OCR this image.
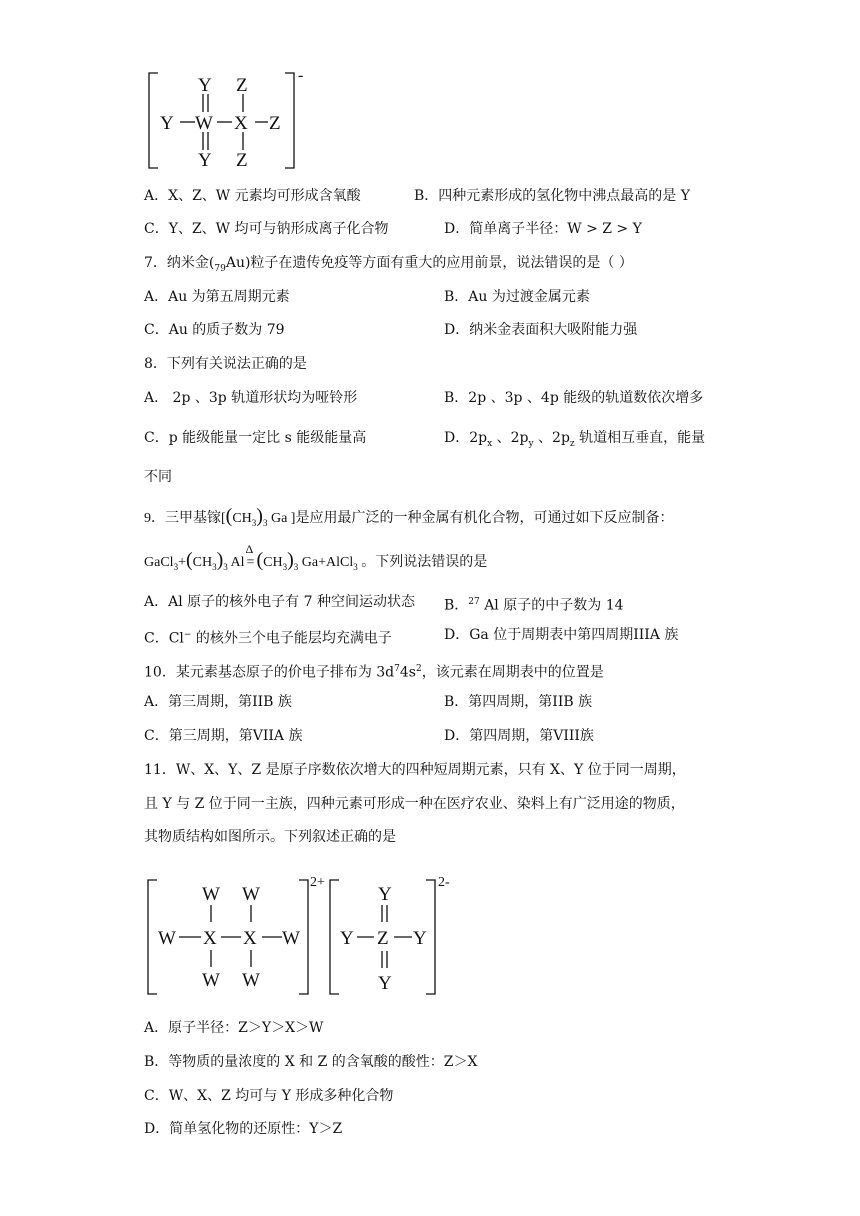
Y W X Z
Y Z
Y Z
-
A．X、Z、W 元素均可形成含氧酸	B．四种元素形成的氢化物中沸点最高的是 Y
C．Y、Z、W 均可与钠形成离子化合物	D．简单离子半径：W > Z > Y
7．纳米金$(_{79}Au)$粒子在遗传免疫等方面有重大的应用前景，说法错误的是（ ）
A．Au 为第五周期元素	B．Au 为过渡金属元素
C．Au 的质子数为 79	D．纳米金表面积大吸附能力强
8．下列有关说法正确的是
A． 2p 、3p 轨道形状均为哑铃形	B．2p 、3p 、4p 能级的轨道数依次增多
C．p 能级能量一定比 s 能级能量高	D．$2p_x$ 、$2p_y$ 、$2p_z$ 轨道相互垂直，能量
不同
9．三甲基镓[$(CH_3)_3$ Ga ]是应用最广泛的一种金属有机化合物，可通过如下反应制备：
$GaCl_3+(CH_3)_3$ Al =
Δ $(CH_3)_3$ Ga+AlCl$_3$ 。下列说法错误的是
A．Al 原子的核外电子有 7 种空间运动状态 B．$^{27}$ Al 原子的中子数为 14
C．Cl− 的核外三个电子能层均充满电子	D．Ga 位于周期表中第四周期IIIA 族
10．某元素基态原子的价电子排布为 $3d^74s^2$，该元素在周期表中的位置是
A．第三周期，第IIB 族	B．第四周期，第IIB 族
C．第三周期，第VIIA 族	D．第四周期，第VIII族
11．W、X、Y、Z 是原子序数依次增大的四种短周期元素，只有 X、Y 位于同一周期，
且 Y 与 Z 位于同一主族，四种元素可形成一种在医疗农业、染料上有广泛用途的物质，
其物质结构如图所示。下列叙述正确的是
W X X W
W W
W W
2+
Y Z Y
Y
Y
2-
A．原子半径：Z＞Y＞X＞W
B．等物质的量浓度的 X 和 Z 的含氧酸的酸性：Z＞X
C．W、X、Z 均可与 Y 形成多种化合物
D．简单氢化物的还原性：Y＞Z
